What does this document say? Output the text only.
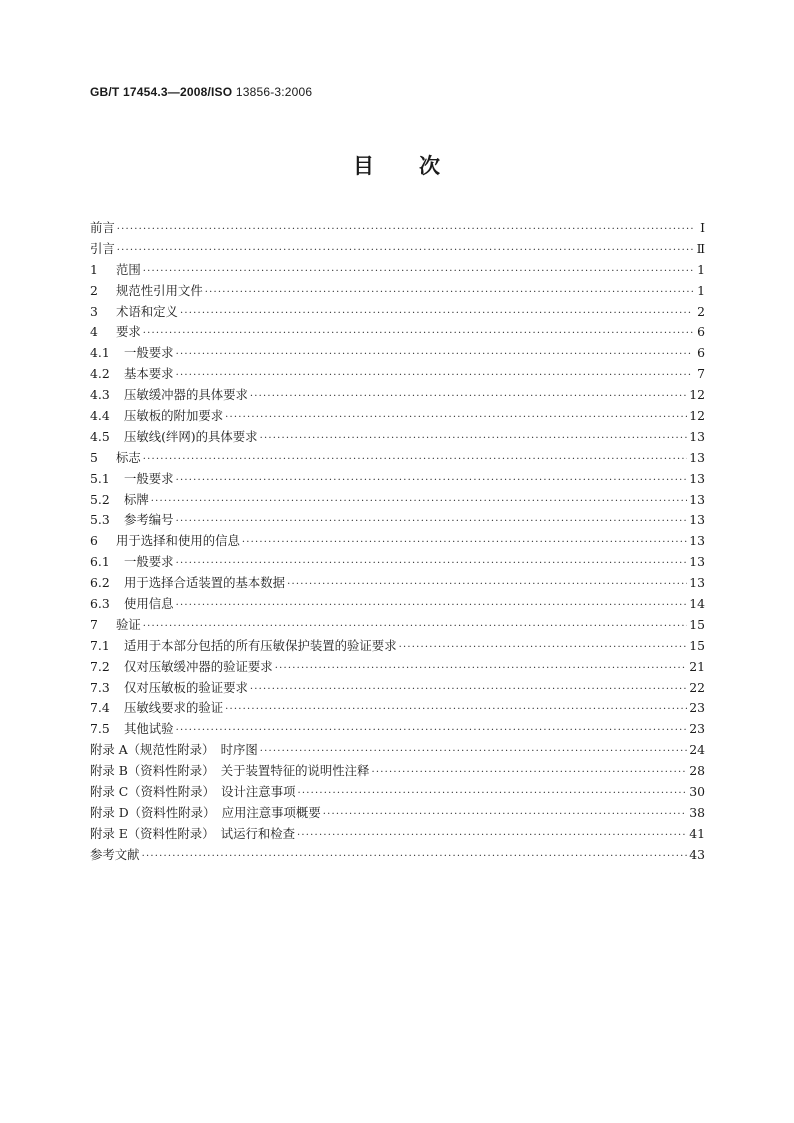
GB/T 17454.3—2008/ISO 13856-3:2006
目　　次
前言 ·····	Ⅰ
引言 ·····	Ⅱ
1	范围 ·····	1
2	规范性引用文件 ·····	1
3	术语和定义 ·····	2
4	要求 ·····	6
4.1	一般要求 ·····	6
4.2	基本要求 ·····	7
4.3	压敏缓冲器的具体要求 ·····	12
4.4	压敏板的附加要求 ·····	12
4.5	压敏线(绊网)的具体要求 ·····	13
5	标志 ·····	13
5.1	一般要求 ·····	13
5.2	标牌 ·····	13
5.3	参考编号 ·····	13
6	用于选择和使用的信息 ·····	13
6.1	一般要求 ·····	13
6.2	用于选择合适装置的基本数据 ·····	13
6.3	使用信息 ·····	14
7	验证 ·····	15
7.1	适用于本部分包括的所有压敏保护装置的验证要求 ·····	15
7.2	仅对压敏缓冲器的验证要求 ·····	21
7.3	仅对压敏板的验证要求 ·····	22
7.4	压敏线要求的验证 ·····	23
7.5	其他试验 ·····	23
附录 A（规范性附录）　时序图 ·····	24
附录 B（资料性附录）　关于装置特征的说明性注释 ·····	28
附录 C（资料性附录）　设计注意事项 ·····	30
附录 D（资料性附录）　应用注意事项概要 ·····	38
附录 E（资料性附录）　试运行和检查 ·····	41
参考文献 ·····	43
